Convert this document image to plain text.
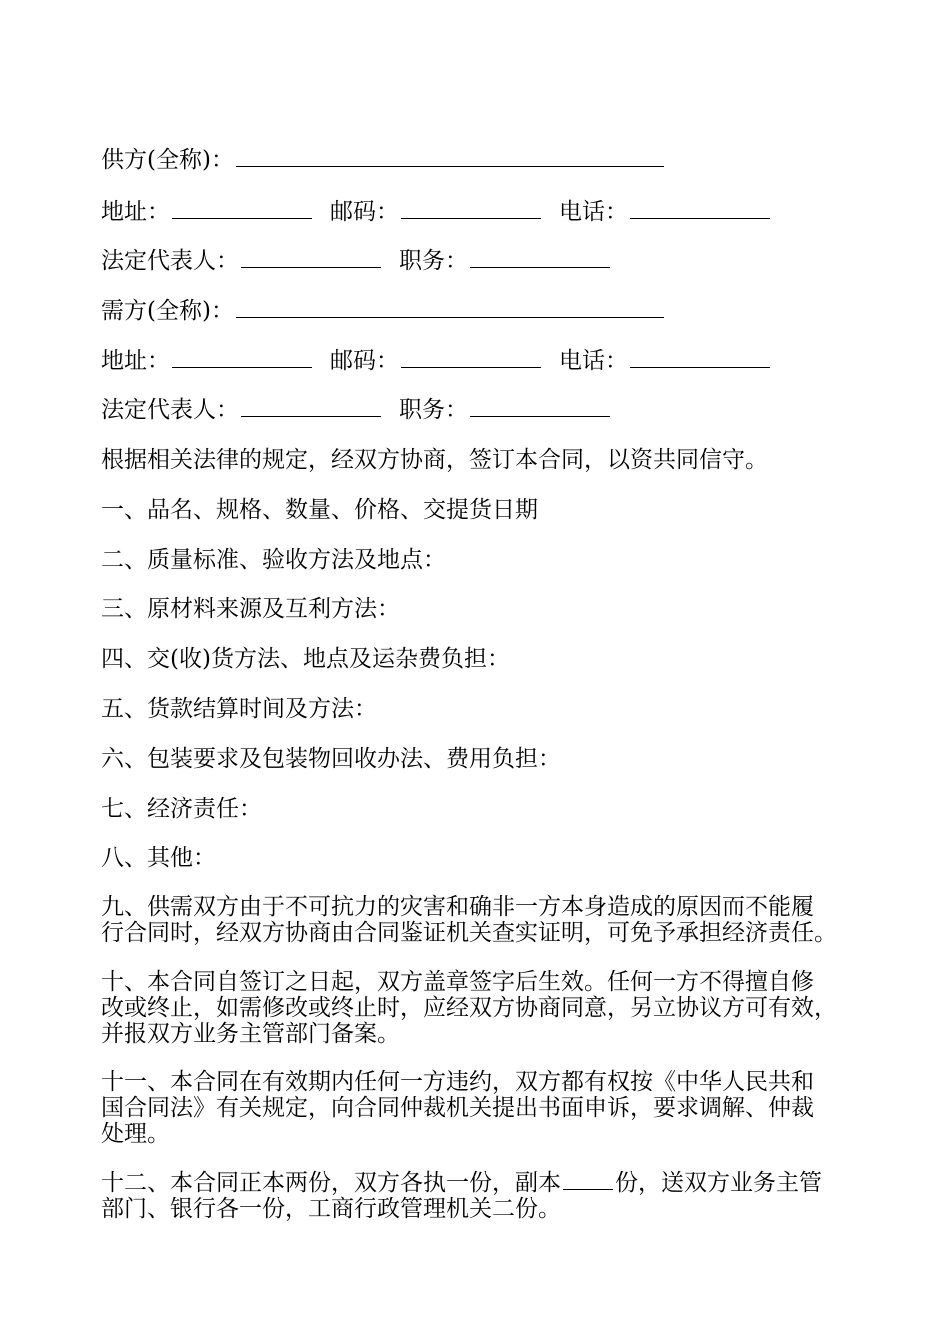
供方(全称)：
地址：	邮码：	电话：
法定代表人：	职务：
需方(全称)：
地址：	邮码：	电话：
法定代表人：	职务：
根据相关法律的规定，经双方协商，签订本合同，以资共同信守。
一、品名、规格、数量、价格、交提货日期
二、质量标准、验收方法及地点：
三、原材料来源及互利方法：
四、交(收)货方法、地点及运杂费负担：
五、货款结算时间及方法：
六、包装要求及包装物回收办法、费用负担：
七、经济责任：
八、其他：
九、供需双方由于不可抗力的灾害和确非一方本身造成的原因而不能履
行合同时，经双方协商由合同鉴证机关查实证明，可免予承担经济责任。
十、本合同自签订之日起，双方盖章签字后生效。任何一方不得擅自修
改或终止，如需修改或终止时，应经双方协商同意，另立协议方可有效，
并报双方业务主管部门备案。
十一、本合同在有效期内任何一方违约，双方都有权按《中华人民共和
国合同法》有关规定，向合同仲裁机关提出书面申诉，要求调解、仲裁
处理。
十二、本合同正本两份，双方各执一份，副本 份，送双方业务主管
部门、银行各一份，工商行政管理机关二份。
